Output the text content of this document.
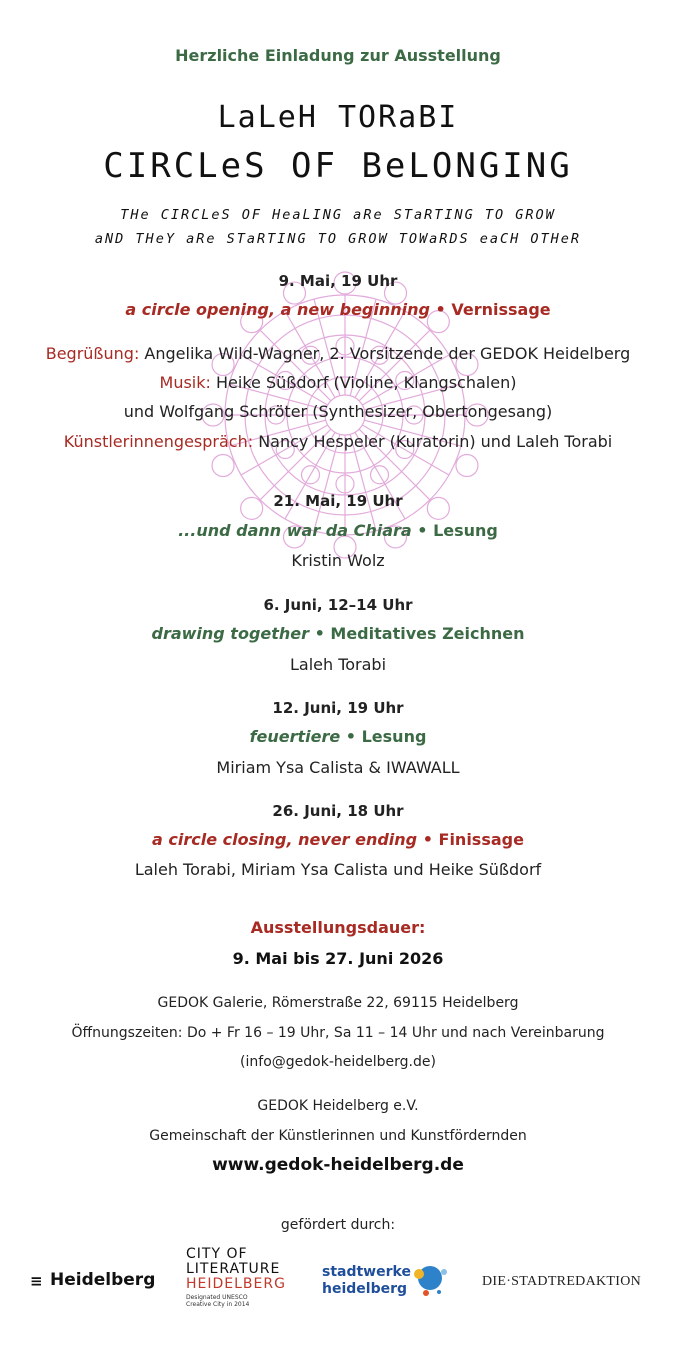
Herzliche Einladung zur Ausstellung
LaLeH TORaBI
CIRCLeS OF BeLONGING
THe CIRCLeS OF HeaLING aRe STaRTING TO GROW
aND THeY aRe STaRTING TO GROW TOWaRDS eaCH OTHeR
9. Mai, 19 Uhr
a circle opening, a new beginning • Vernissage
Begrüßung: Angelika Wild-Wagner, 2. Vorsitzende der GEDOK Heidelberg
Musik: Heike Süßdorf (Violine, Klangschalen)
und Wolfgang Schröter (Synthesizer, Obertongesang)
Künstlerinnengespräch: Nancy Hespeler (Kuratorin) und Laleh Torabi
21. Mai, 19 Uhr
...und dann war da Chiara • Lesung
Kristin Wolz
6. Juni, 12–14 Uhr
drawing together • Meditatives Zeichnen
Laleh Torabi
12. Juni, 19 Uhr
feuertiere • Lesung
Miriam Ysa Calista & IWAWALL
26. Juni, 18 Uhr
a circle closing, never ending • Finissage
Laleh Torabi, Miriam Ysa Calista und Heike Süßdorf
Ausstellungsdauer:
9. Mai bis 27. Juni 2026
GEDOK Galerie, Römerstraße 22, 69115 Heidelberg
Öffnungszeiten: Do + Fr 16 – 19 Uhr, Sa 11 – 14 Uhr und nach Vereinbarung
(info@gedok-heidelberg.de)
GEDOK Heidelberg e.V.
Gemeinschaft der Künstlerinnen und Kunstfördernden
www.gedok-heidelberg.de
gefördert durch:
≡ Heidelberg
CITY OF
LITERATURE
HEIDELBERG
Designated UNESCO
Creative City in 2014
stadtwerke
heidelberg	DIE·STADTREDAKTION
